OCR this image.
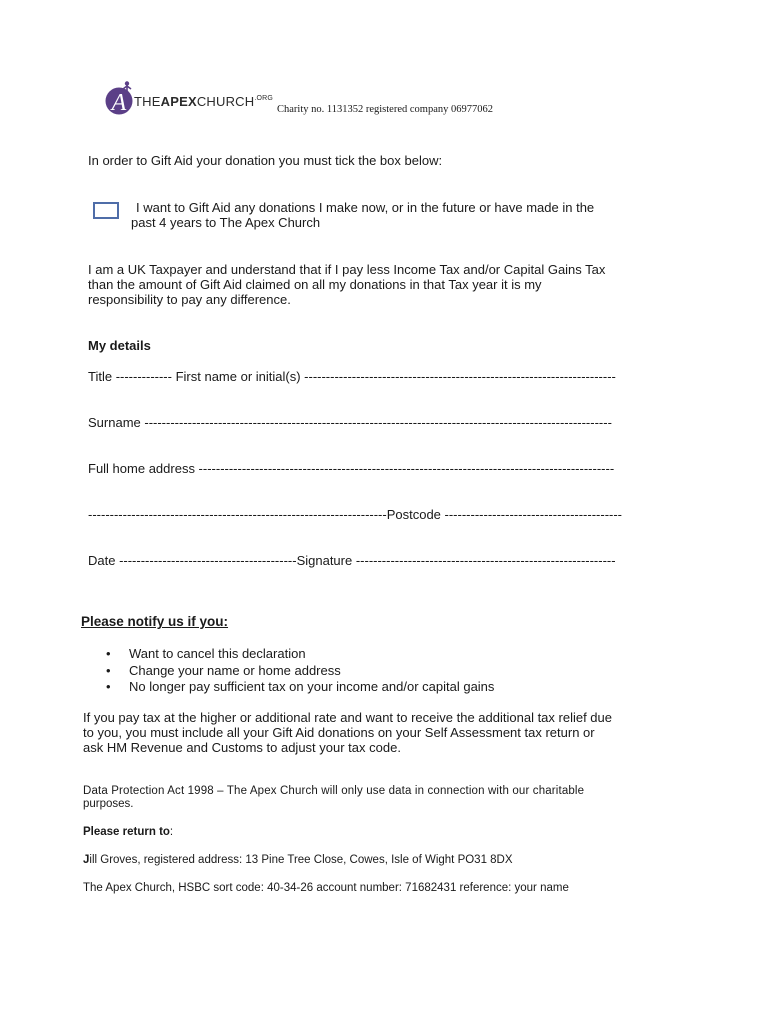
A $THEAPEXCHURCH^{.ORG}$
Charity no. 1131352 registered company 06977062
In order to Gift Aid your donation you must tick the box below:
I want to Gift Aid any donations I make now, or in the future or have made in the
past 4 years to The Apex Church
I am a UK Taxpayer and understand that if I pay less Income Tax and/or Capital Gains Tax
than the amount of Gift Aid claimed on all my donations in that Tax year it is my
responsibility to pay any difference.
My details
Title ------------- First name or initial(s) ------------------------------------------------------------------------
Surname ------------------------------------------------------------------------------------------------------------
Full home address ------------------------------------------------------------------------------------------------
---------------------------------------------------------------------Postcode -----------------------------------------
Date -----------------------------------------Signature ------------------------------------------------------------
Please notify us if you:
• Want to cancel this declaration
• Change your name or home address
• No longer pay sufficient tax on your income and/or capital gains
If you pay tax at the higher or additional rate and want to receive the additional tax relief due
to you, you must include all your Gift Aid donations on your Self Assessment tax return or
ask HM Revenue and Customs to adjust your tax code.
Data Protection Act 1998 – The Apex Church will only use data in connection with our charitable
purposes.
Please return to:
Jill Groves, registered address: 13 Pine Tree Close, Cowes, Isle of Wight PO31 8DX
The Apex Church, HSBC sort code: 40-34-26 account number: 71682431 reference: your name
